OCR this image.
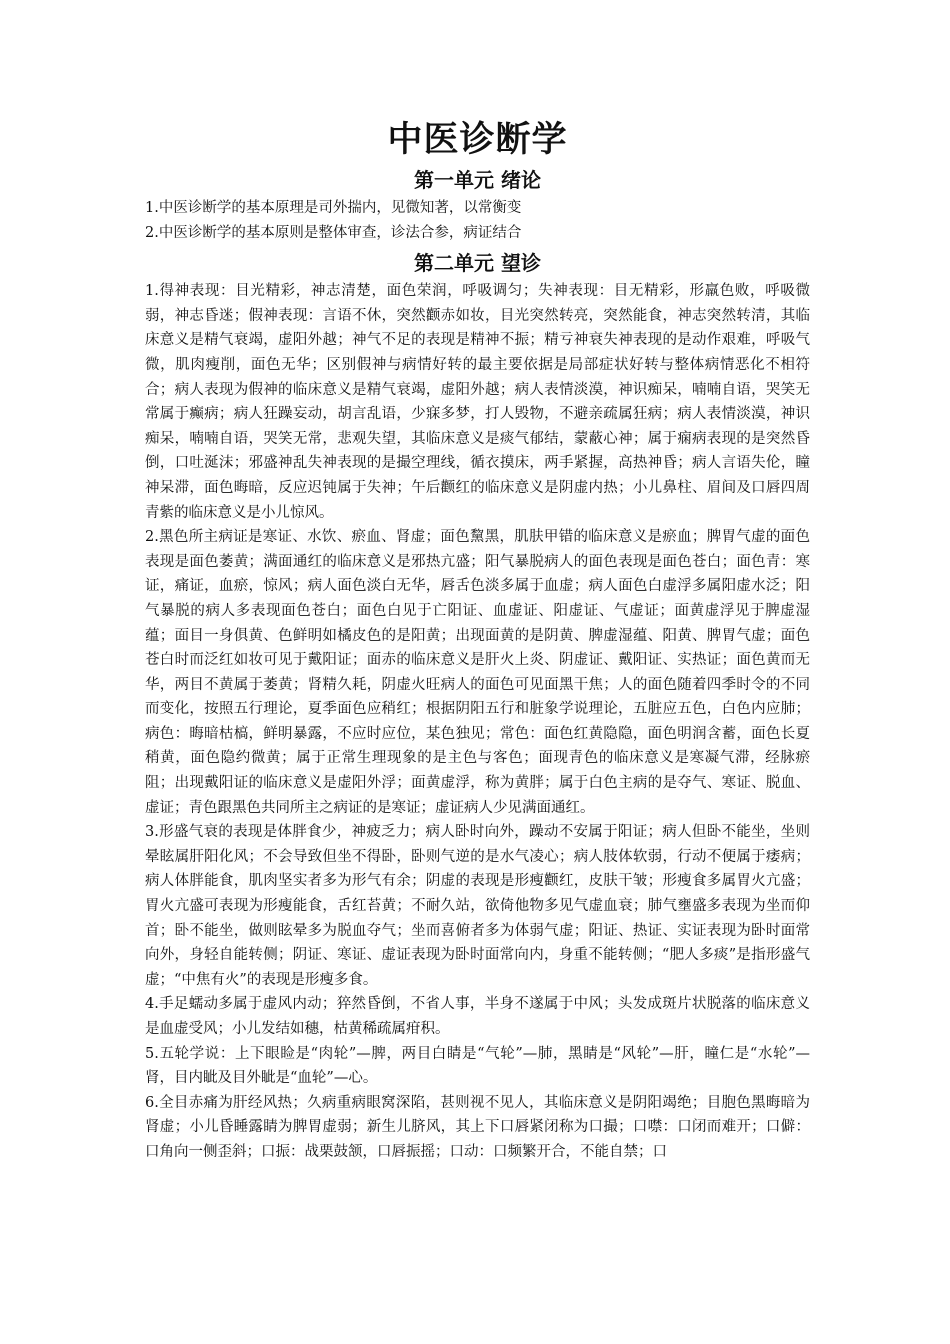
中医诊断学
第一单元 绪论

1.中医诊断学的基本原理是司外揣内，见微知著，以常衡变

2.中医诊断学的基本原则是整体审查，诊法合参，病证结合

第二单元 望诊

1.得神表现：目光精彩，神志清楚，面色荣润，呼吸调匀；失神表现：目无精彩，形羸色败，呼吸微弱，神志昏迷；假神表现：言语不休，突然颧赤如妆，目光突然转亮，突然能食，神志突然转清，其临床意义是精气衰竭，虚阳外越；神气不足的表现是精神不振；精亏神衰失神表现的是动作艰难，呼吸气微，肌肉瘦削，面色无华；区别假神与病情好转的最主要依据是局部症状好转与整体病情恶化不相符合；病人表现为假神的临床意义是精气衰竭，虚阳外越；病人表情淡漠，神识痴呆，喃喃自语，哭笑无常属于癫病；病人狂躁妄动，胡言乱语，少寐多梦，打人毁物，不避亲疏属狂病；病人表情淡漠，神识痴呆，喃喃自语，哭笑无常，悲观失望，其临床意义是痰气郁结，蒙蔽心神；属于痫病表现的是突然昏倒，口吐涎沫；邪盛神乱失神表现的是撮空理线，循衣摸床，两手紧握，高热神昏；病人言语失伦，瞳神呆滞，面色晦暗，反应迟钝属于失神；午后颧红的临床意义是阴虚内热；小儿鼻柱、眉间及口唇四周青紫的临床意义是小儿惊风。

2.黑色所主病证是寒证、水饮、瘀血、肾虚；面色黧黑，肌肤甲错的临床意义是瘀血；脾胃气虚的面色表现是面色萎黄；满面通红的临床意义是邪热亢盛；阳气暴脱病人的面色表现是面色苍白；面色青：寒证，痛证，血瘀，惊风；病人面色淡白无华，唇舌色淡多属于血虚；病人面色白虚浮多属阳虚水泛；阳气暴脱的病人多表现面色苍白；面色白见于亡阳证、血虚证、阳虚证、气虚证；面黄虚浮见于脾虚湿蕴；面目一身俱黄、色鲜明如橘皮色的是阳黄；出现面黄的是阴黄、脾虚湿蕴、阳黄、脾胃气虚；面色苍白时而泛红如妆可见于戴阳证；面赤的临床意义是肝火上炎、阴虚证、戴阳证、实热证；面色黄而无华，两目不黄属于萎黄；肾精久耗，阴虚火旺病人的面色可见面黑干焦；人的面色随着四季时令的不同而变化，按照五行理论，夏季面色应稍红；根据阴阳五行和脏象学说理论，五脏应五色，白色内应肺；病色：晦暗枯槁，鲜明暴露，不应时应位，某色独见；常色：面色红黄隐隐，面色明润含蓄，面色长夏稍黄，面色隐约微黄；属于正常生理现象的是主色与客色；面现青色的临床意义是寒凝气滞，经脉瘀阻；出现戴阳证的临床意义是虚阳外浮；面黄虚浮，称为黄胖；属于白色主病的是夺气、寒证、脱血、虚证；青色跟黑色共同所主之病证的是寒证；虚证病人少见满面通红。

3.形盛气衰的表现是体胖食少，神疲乏力；病人卧时向外，躁动不安属于阳证；病人但卧不能坐，坐则晕眩属肝阳化风；不会导致但坐不得卧，卧则气逆的是水气凌心；病人肢体软弱，行动不便属于痿病；病人体胖能食，肌肉坚实者多为形气有余；阴虚的表现是形瘦颧红，皮肤干皱；形瘦食多属胃火亢盛；胃火亢盛可表现为形瘦能食，舌红苔黄；不耐久站，欲倚他物多见气虚血衰；肺气壅盛多表现为坐而仰首；卧不能坐，做则眩晕多为脱血夺气；坐而喜俯者多为体弱气虚；阳证、热证、实证表现为卧时面常向外，身轻自能转侧；阴证、寒证、虚证表现为卧时面常向内，身重不能转侧；“肥人多痰”是指形盛气虚；“中焦有火”的表现是形瘦多食。

4.手足蠕动多属于虚风内动；猝然昏倒，不省人事，半身不遂属于中风；头发成斑片状脱落的临床意义是血虚受风；小儿发结如穗，枯黄稀疏属疳积。

5.五轮学说：上下眼睑是“肉轮”—脾，两目白睛是“气轮”—肺，黑睛是“风轮”—肝，瞳仁是“水轮”—肾，目内眦及目外眦是“血轮”—心。

6.全目赤痛为肝经风热；久病重病眼窝深陷，甚则视不见人，其临床意义是阴阳竭绝；目胞色黑晦暗为肾虚；小儿昏睡露睛为脾胃虚弱；新生儿脐风，其上下口唇紧闭称为口撮；口噤：口闭而难开；口僻：口角向一侧歪斜；口振：战栗鼓颔，口唇振摇；口动：口频繁开合，不能自禁；口
